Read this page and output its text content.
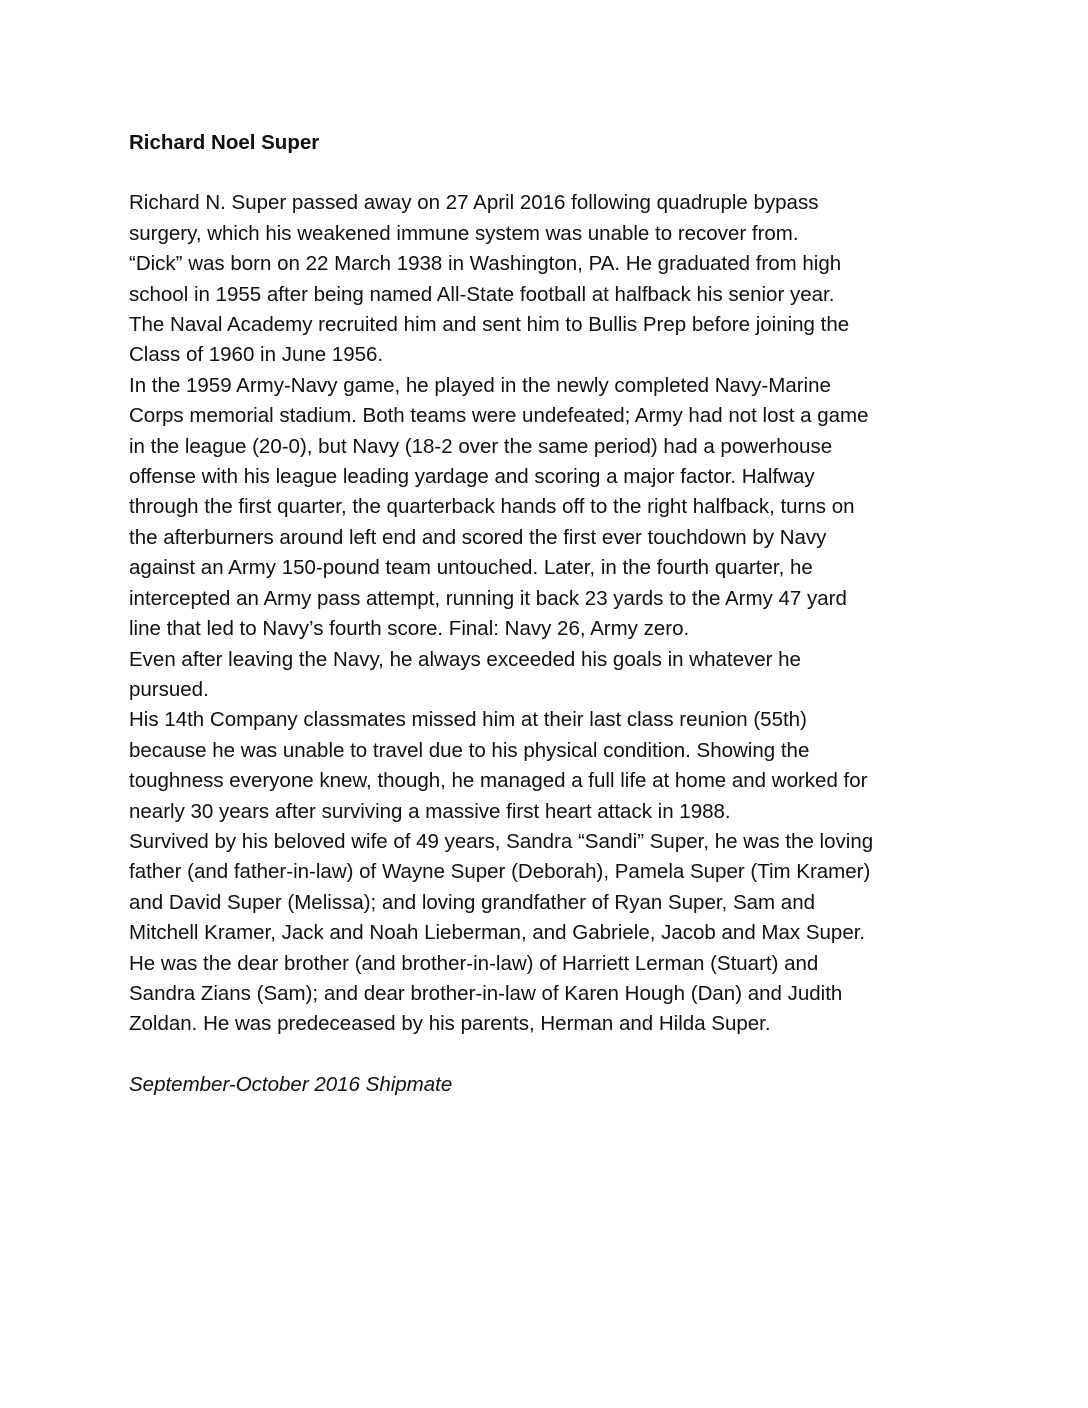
Richard Noel Super

Richard N. Super passed away on 27 April 2016 following quadruple bypass
surgery, which his weakened immune system was unable to recover from.
“Dick” was born on 22 March 1938 in Washington, PA. He graduated from high
school in 1955 after being named All-State football at halfback his senior year.
The Naval Academy recruited him and sent him to Bullis Prep before joining the
Class of 1960 in June 1956.

In the 1959 Army-Navy game, he played in the newly completed Navy-Marine
Corps memorial stadium. Both teams were undefeated; Army had not lost a game
in the league (20-0), but Navy (18-2 over the same period) had a powerhouse
offense with his league leading yardage and scoring a major factor. Halfway
through the first quarter, the quarterback hands off to the right halfback, turns on
the afterburners around left end and scored the first ever touchdown by Navy
against an Army 150-pound team untouched. Later, in the fourth quarter, he
intercepted an Army pass attempt, running it back 23 yards to the Army 47 yard
line that led to Navy’s fourth score. Final: Navy 26, Army zero.

Even after leaving the Navy, he always exceeded his goals in whatever he
pursued.

His 14th Company classmates missed him at their last class reunion (55th)
because he was unable to travel due to his physical condition. Showing the
toughness everyone knew, though, he managed a full life at home and worked for
nearly 30 years after surviving a massive first heart attack in 1988.

Survived by his beloved wife of 49 years, Sandra “Sandi” Super, he was the loving
father (and father-in-law) of Wayne Super (Deborah), Pamela Super (Tim Kramer)
and David Super (Melissa); and loving grandfather of Ryan Super, Sam and
Mitchell Kramer, Jack and Noah Lieberman, and Gabriele, Jacob and Max Super.
He was the dear brother (and brother-in-law) of Harriett Lerman (Stuart) and
Sandra Zians (Sam); and dear brother-in-law of Karen Hough (Dan) and Judith
Zoldan. He was predeceased by his parents, Herman and Hilda Super.

September-October 2016 Shipmate
